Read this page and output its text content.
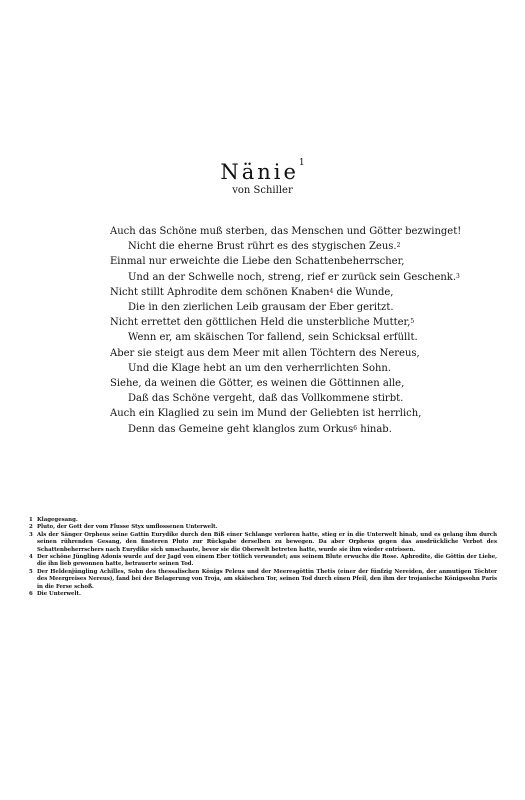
Nänie$^1$
von Schiller
Auch das Schöne muß sterben, das Menschen und Götter bezwinget!
Nicht die eherne Brust rührt es des stygischen Zeus.$^2$
Einmal nur erweichte die Liebe den Schattenbeherrscher,
Und an der Schwelle noch, streng, rief er zurück sein Geschenk.$^3$
Nicht stillt Aphrodite dem schönen Knaben$^4$ die Wunde,
Die in den zierlichen Leib grausam der Eber geritzt.
Nicht errettet den göttlichen Held die unsterbliche Mutter,$^5$
Wenn er, am skäischen Tor fallend, sein Schicksal erfüllt.
Aber sie steigt aus dem Meer mit allen Töchtern des Nereus,
Und die Klage hebt an um den verherrlichten Sohn.
Siehe, da weinen die Götter, es weinen die Göttinnen alle,
Daß das Schöne vergeht, daß das Vollkommene stirbt.
Auch ein Klaglied zu sein im Mund der Geliebten ist herrlich,
Denn das Gemeine geht klanglos zum Orkus$^6$ hinab.
1 Klagegesang.
2 Pluto, der Gott der vom Flusse Styx umflossenen Unterwelt.
3 Als der Sänger Orpheus seine Gattin Eurydike durch den Biß einer Schlange verloren hatte, stieg er in die Unterwelt hinab, und es gelang ihm durch seinen rührenden Gesang, den finsteren Pluto zur Rückgabe derselben zu bewegen. Da aber Orpheus gegen das ausdrückliche Verbot des Schattenbeherrschers nach Eurydike sich umschaute, bevor sie die Oberwelt betreten hatte, wurde sie ihm wieder entrissen.
4 Der schöne Jüngling Adonis wurde auf der Jagd von einem Eber tötlich verwundet; aus seinem Blute erwuchs die Rose. Aphrodite, die Göttin der Liebe, die ihn lieb gewonnen hatte, betrauerte seinen Tod.
5 Der Heldenjüngling Achilles, Sohn des thessalischen Königs Peleus und der Meeresgöttin Thetis (einer der fünfzig Nereiden, der anmutigen Töchter des Meergreises Nereus), fand bei der Belagerung von Troja, am skäischen Tor, seinen Tod durch einen Pfeil, den ihm der trojanische Königssohn Paris in die Ferse schoß.
6 Die Unterwelt.
